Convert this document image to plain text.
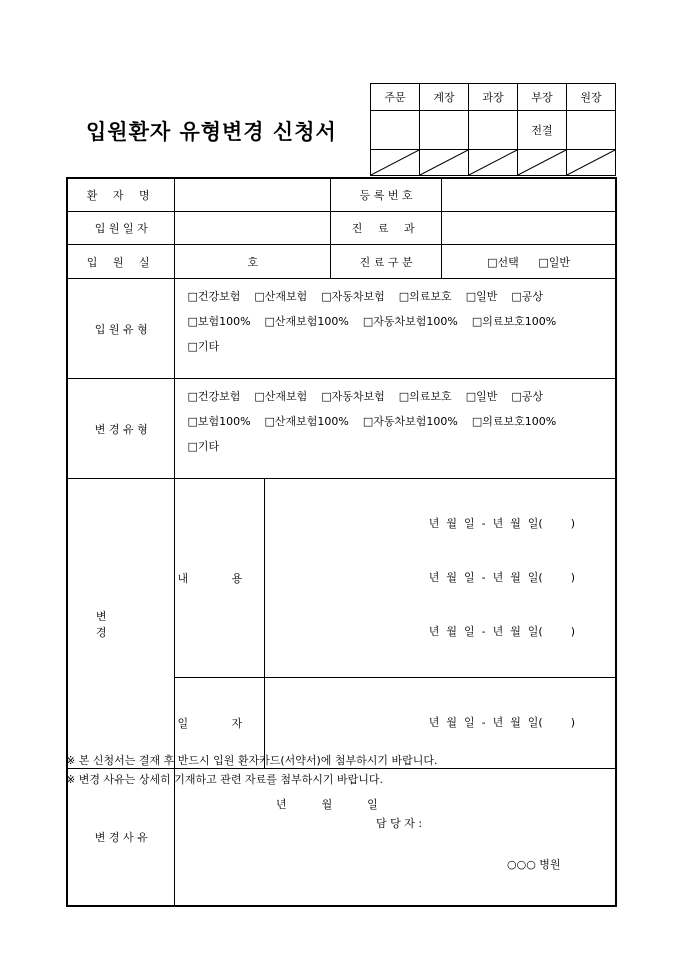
입원환자 유형변경 신청서
주문	계장	과장	부장	원장
			전결	

환 자 명			등 록 번 호	
입 원 일 자			진 료 과	
입 원 실	호		진 료 구 분	□선택 □일반
입 원 유 형	□건강보험 □산재보험 □자동차보험 □의료보호 □일반 □공상
□보험100% □산재보험100% □자동차보험100% □의료보호100%
□기타			

변 경 유 형	□건강보험 □산재보험 □자동차보험 □의료보호 □일반 □공상
□보험100% □산재보험100% □자동차보험100% □의료보호100%
□기타			

변 경	내 용	년  월  일  -  년  월  일(        )

년  월  일  -  년  월  일(        )

년  월  일  -  년  월  일(        )		

	일 자	년  월  일  -  년  월  일(        )		

변 경 사 유				
※ 본 신청서는 결재 후 반드시 입원 환자카드(서약서)에 첨부하시기 바랍니다.
※ 변경 사유는 상세히 기재하고 관련 자료를 첨부하시기 바랍니다.
년          월          일
담 당 자 :
○○○ 병원
